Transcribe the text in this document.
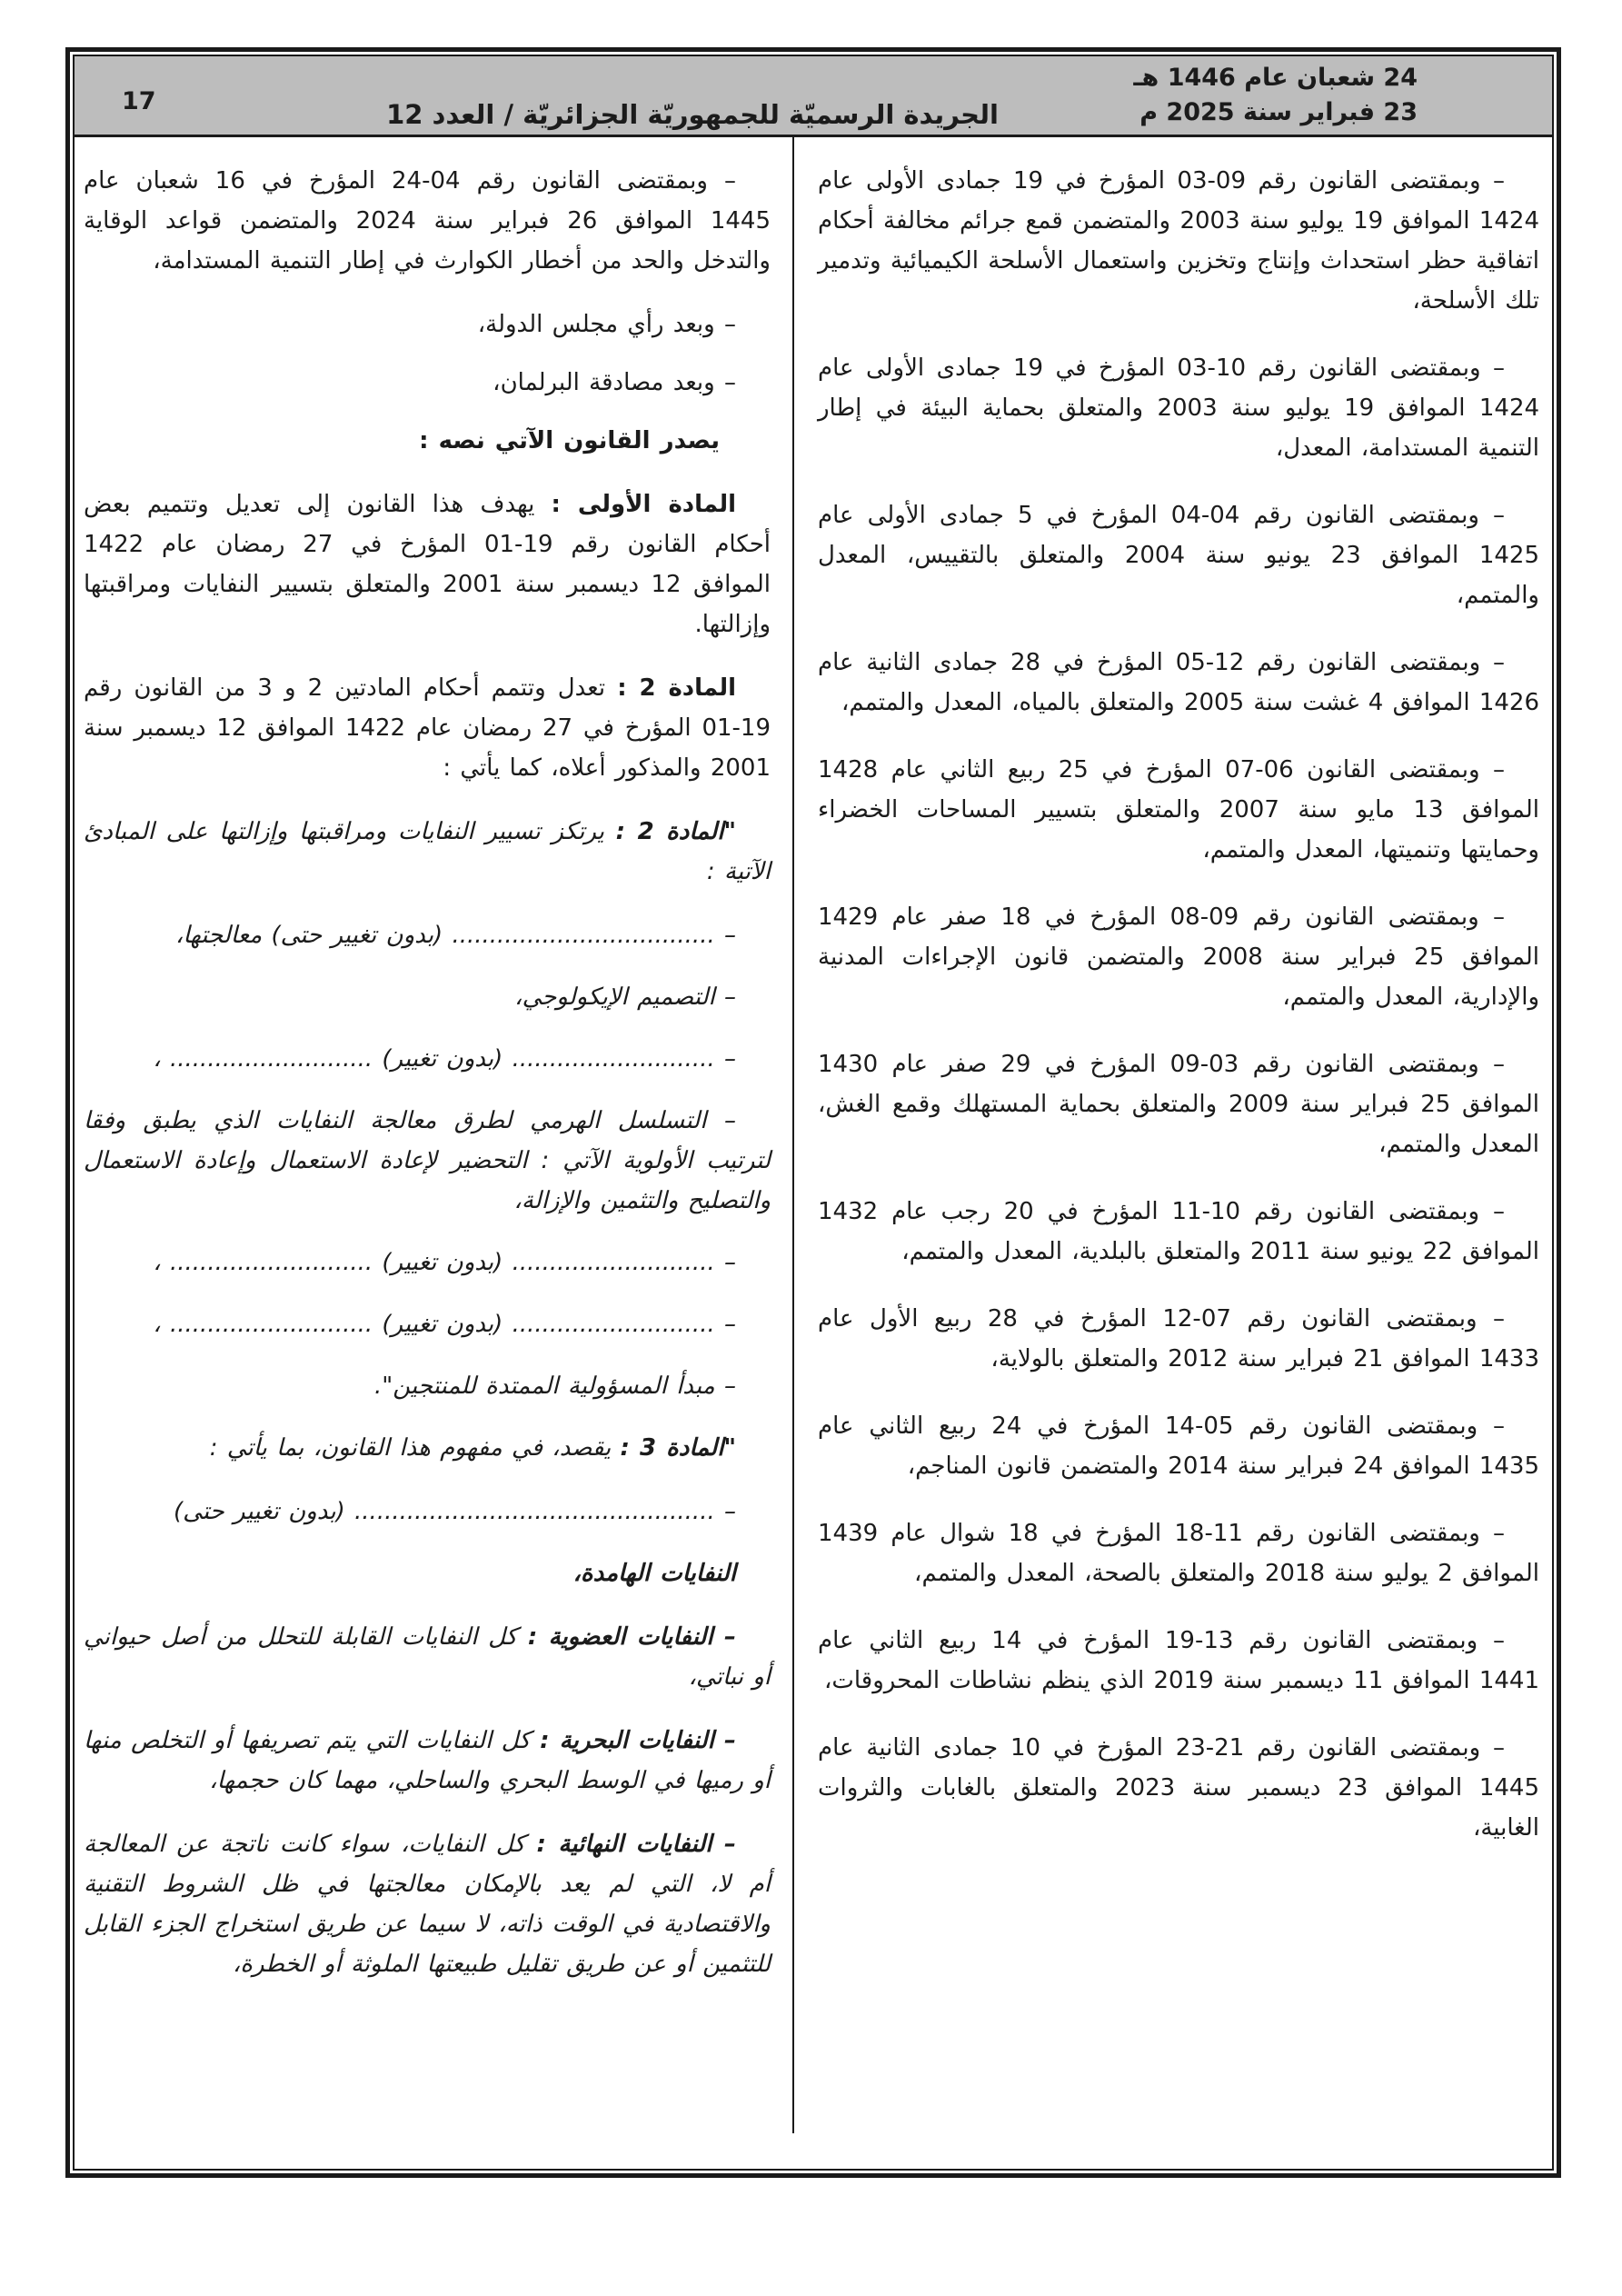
24 شعبان عام 1446 هـ
23 فبراير سنة 2025 م
الجريدة الرسميّة للجمهوريّة الجزائريّة / العدد 12
17

– وبمقتضى القانون رقم 09-03 المؤرخ في 19 جمادى الأولى عام 1424 الموافق 19 يوليو سنة 2003 والمتضمن قمع جرائم مخالفة أحكام اتفاقية حظر استحداث وإنتاج وتخزين واستعمال الأسلحة الكيميائية وتدمير تلك الأسلحة،

– وبمقتضى القانون رقم 10-03 المؤرخ في 19 جمادى الأولى عام 1424 الموافق 19 يوليو سنة 2003 والمتعلق بحماية البيئة في إطار التنمية المستدامة، المعدل،

– وبمقتضى القانون رقم 04-04 المؤرخ في 5 جمادى الأولى عام 1425 الموافق 23 يونيو سنة 2004 والمتعلق بالتقييس، المعدل والمتمم،

– وبمقتضى القانون رقم 12-05 المؤرخ في 28 جمادى الثانية عام 1426 الموافق 4 غشت سنة 2005 والمتعلق بالمياه، المعدل والمتمم،

– وبمقتضى القانون 06-07 المؤرخ في 25 ربيع الثاني عام 1428 الموافق 13 مايو سنة 2007 والمتعلق بتسيير المساحات الخضراء وحمايتها وتنميتها، المعدل والمتمم،

– وبمقتضى القانون رقم 09-08 المؤرخ في 18 صفر عام 1429 الموافق 25 فبراير سنة 2008 والمتضمن قانون الإجراءات المدنية والإدارية، المعدل والمتمم،

– وبمقتضى القانون رقم 03-09 المؤرخ في 29 صفر عام 1430 الموافق 25 فبراير سنة 2009 والمتعلق بحماية المستهلك وقمع الغش، المعدل والمتمم،

– وبمقتضى القانون رقم 10-11 المؤرخ في 20 رجب عام 1432 الموافق 22 يونيو سنة 2011 والمتعلق بالبلدية، المعدل والمتمم،

– وبمقتضى القانون رقم 07-12 المؤرخ في 28 ربيع الأول عام 1433 الموافق 21 فبراير سنة 2012 والمتعلق بالولاية،

– وبمقتضى القانون رقم 05-14 المؤرخ في 24 ربيع الثاني عام 1435 الموافق 24 فبراير سنة 2014 والمتضمن قانون المناجم،

– وبمقتضى القانون رقم 11-18 المؤرخ في 18 شوال عام 1439 الموافق 2 يوليو سنة 2018 والمتعلق بالصحة، المعدل والمتمم،

– وبمقتضى القانون رقم 13-19 المؤرخ في 14 ربيع الثاني عام 1441 الموافق 11 ديسمبر سنة 2019 الذي ينظم نشاطات المحروقات،

– وبمقتضى القانون رقم 21-23 المؤرخ في 10 جمادى الثانية عام 1445 الموافق 23 ديسمبر سنة 2023 والمتعلق بالغابات والثروات الغابية،

– وبمقتضى القانون رقم 04-24 المؤرخ في 16 شعبان عام 1445 الموافق 26 فبراير سنة 2024 والمتضمن قواعد الوقاية والتدخل والحد من أخطار الكوارث في إطار التنمية المستدامة،

– وبعد رأي مجلس الدولة،

– وبعد مصادقة البرلمان،

يصدر القانون الآتي نصه :

المادة الأولى : يهدف هذا القانون إلى تعديل وتتميم بعض أحكام القانون رقم 19-01 المؤرخ في 27 رمضان عام 1422 الموافق 12 ديسمبر سنة 2001 والمتعلق بتسيير النفايات ومراقبتها وإزالتها.

المادة 2 : تعدل وتتمم أحكام المادتين 2 و 3 من القانون رقم 19-01 المؤرخ في 27 رمضان عام 1422 الموافق 12 ديسمبر سنة 2001 والمذكور أعلاه، كما يأتي :

"المادة 2 : يرتكز تسيير النفايات ومراقبتها وإزالتها على المبادئ الآتية :

– ................................... (بدون تغيير حتى) معالجتها،

– التصميم الإيكولوجي،

– ........................... (بدون تغيير) ........................... ،

– التسلسل الهرمي لطرق معالجة النفايات الذي يطبق وفقا لترتيب الأولوية الآتي : التحضير لإعادة الاستعمال وإعادة الاستعمال والتصليح والتثمين والإزالة،

– ........................... (بدون تغيير) ........................... ،

– ........................... (بدون تغيير) ........................... ،

– مبدأ المسؤولية الممتدة للمنتجين".

"المادة 3 : يقصد، في مفهوم هذا القانون، بما يأتي :

– ................................................ (بدون تغيير حتى)

النفايات الهامدة،

– النفايات العضوية : كل النفايات القابلة للتحلل من أصل حيواني أو نباتي،

– النفايات البحرية : كل النفايات التي يتم تصريفها أو التخلص منها أو رميها في الوسط البحري والساحلي، مهما كان حجمها،

– النفايات النهائية : كل النفايات، سواء كانت ناتجة عن المعالجة أم لا، التي لم يعد بالإمكان معالجتها في ظل الشروط التقنية والاقتصادية في الوقت ذاته، لا سيما عن طريق استخراج الجزء القابل للتثمين أو عن طريق تقليل طبيعتها الملوثة أو الخطرة،
